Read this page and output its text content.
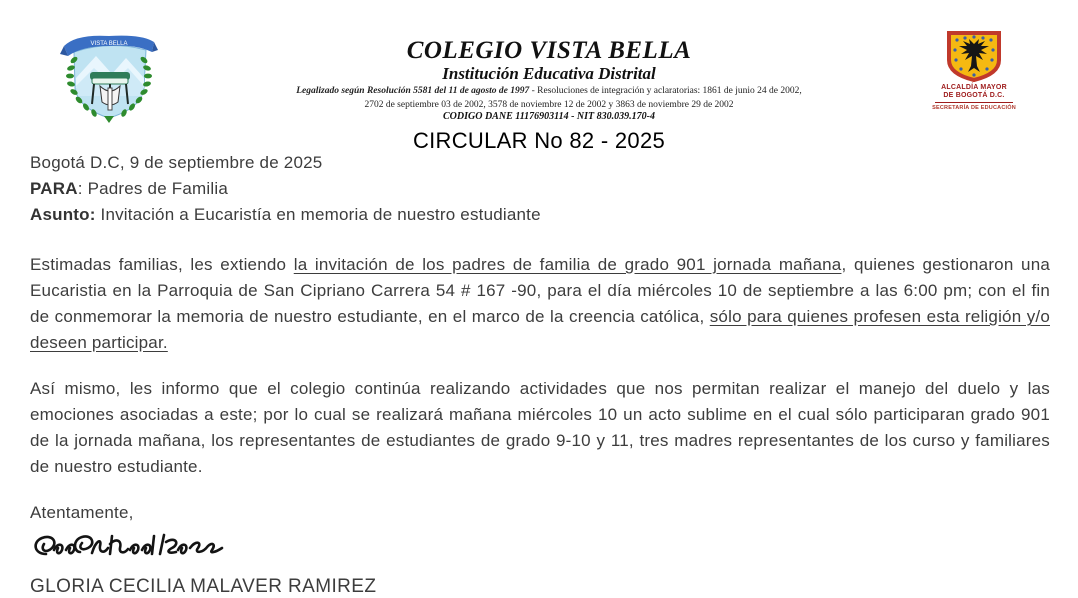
VISTA BELLA	COLEGIO VISTA BELLA
Institución Educativa Distrital
Legalizado según Resolución 5581 del 11 de agosto de 1997 - Resoluciones de integración y aclaratorias: 1861 de junio 24 de 2002,
2702 de septiembre 03 de 2002, 3578 de noviembre 12 de 2002 y 3863 de noviembre 29 de 2002
CODIGO DANE 11176903114 - NIT 830.039.170-4
ALCALDÍA MAYOR
DE BOGOTÁ D.C.
SECRETARÍA DE EDUCACIÓN
CIRCULAR No 82 - 2025
Bogotá D.C, 9 de septiembre de 2025
PARA: Padres de Familia
Asunto: Invitación a Eucaristía en memoria de nuestro estudiante

Estimadas familias, les extiendo la invitación de los padres de familia de grado 901 jornada mañana, quienes gestionaron una Eucaristia en la Parroquia de San Cipriano Carrera 54 # 167 -90, para el día miércoles 10 de septiembre a las 6:00 pm; con el fin de conmemorar la memoria de nuestro estudiante, en el marco de la creencia católica, sólo para quienes profesen esta religión y/o deseen participar.

Así mismo, les informo que el colegio continúa realizando actividades que nos permitan realizar el manejo del duelo y las emociones asociadas a este; por lo cual se realizará mañana miércoles 10 un acto sublime en el cual sólo participaran grado 901 de la jornada mañana, los representantes de estudiantes de grado 9-10 y 11, tres madres representantes de los curso y familiares de nuestro estudiante.

Atentamente,
GLORIA CECILIA MALAVER RAMIREZ
